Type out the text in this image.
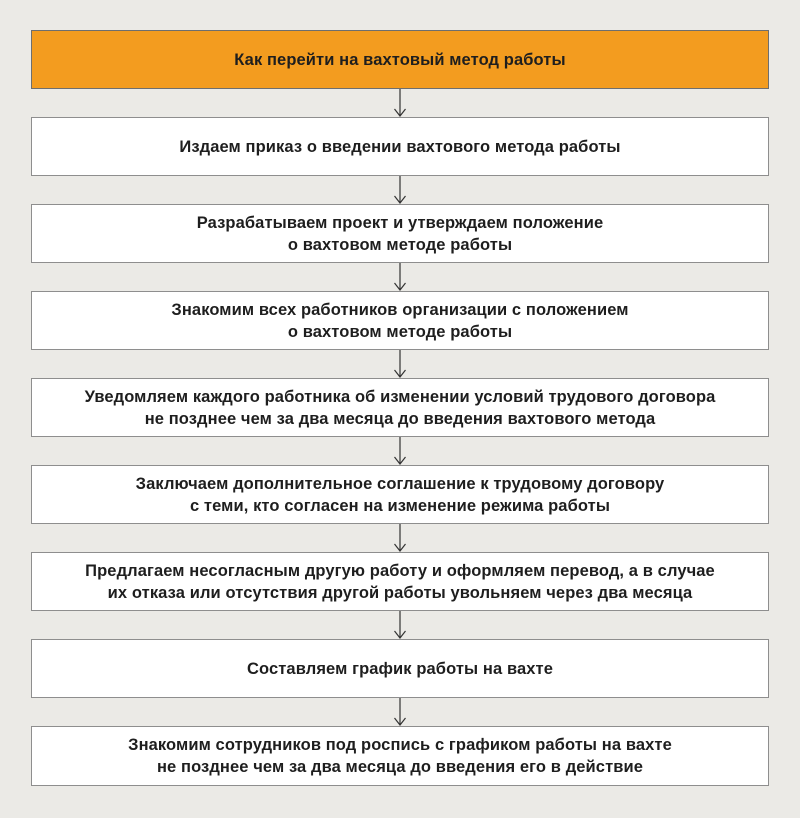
Как перейти на вахтовый метод работы
Издаем приказ о введении вахтового метода работы
Разрабатываем проект и утверждаем положение
о вахтовом методе работы
Знакомим всех работников организации с положением
о вахтовом методе работы
Уведомляем каждого работника об изменении условий трудового договора
не позднее чем за два месяца до введения вахтового метода
Заключаем дополнительное соглашение к трудовому договору
с теми, кто согласен на изменение режима работы
Предлагаем несогласным другую работу и оформляем перевод, а в случае
их отказа или отсутствия другой работы увольняем через два месяца
Составляем график работы на вахте
Знакомим сотрудников под роспись с графиком работы на вахте
не позднее чем за два месяца до введения его в действие
